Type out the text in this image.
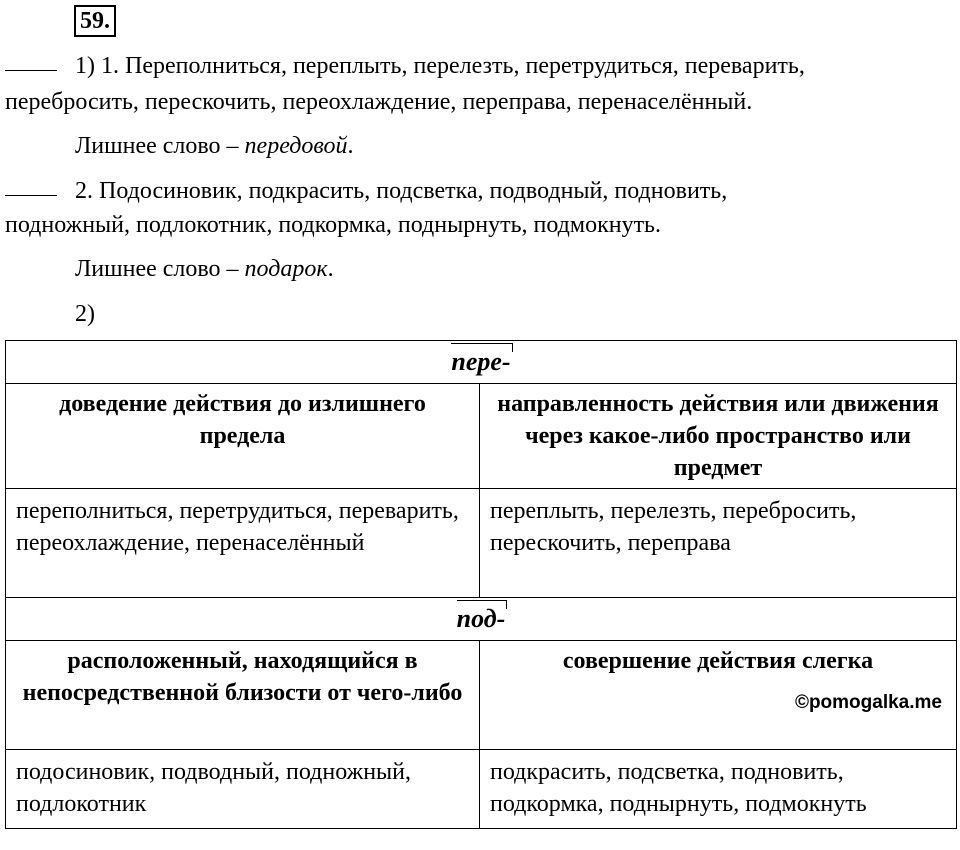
59.
1) 1. Переполниться, переплыть, перелезть, перетрудиться, переварить,
перебросить, перескочить, переохлаждение, переправа, перенаселённый.
Лишнее слово – передовой.
2. Подосиновик, подкрасить, подсветка, подводный, подновить,
подножный, подлокотник, подкормка, поднырнуть, подмокнуть.
Лишнее слово – подарок.
2)
пере-	
доведение действия до излишнего предела	направленность действия или движения через какое-либо пространство или предмет
переполниться, перетрудиться, переварить, переохлаждение, перенаселённый	переплыть, перелезть, перебросить, перескочить, переправа
под-	
расположенный, находящийся в непосредственной близости от чего-либо	совершение действия слегка
©pomogalka.me

подосиновик, подводный, подножный, подлокотник	подкрасить, подсветка, подновить, подкормка, поднырнуть, подмокнуть
